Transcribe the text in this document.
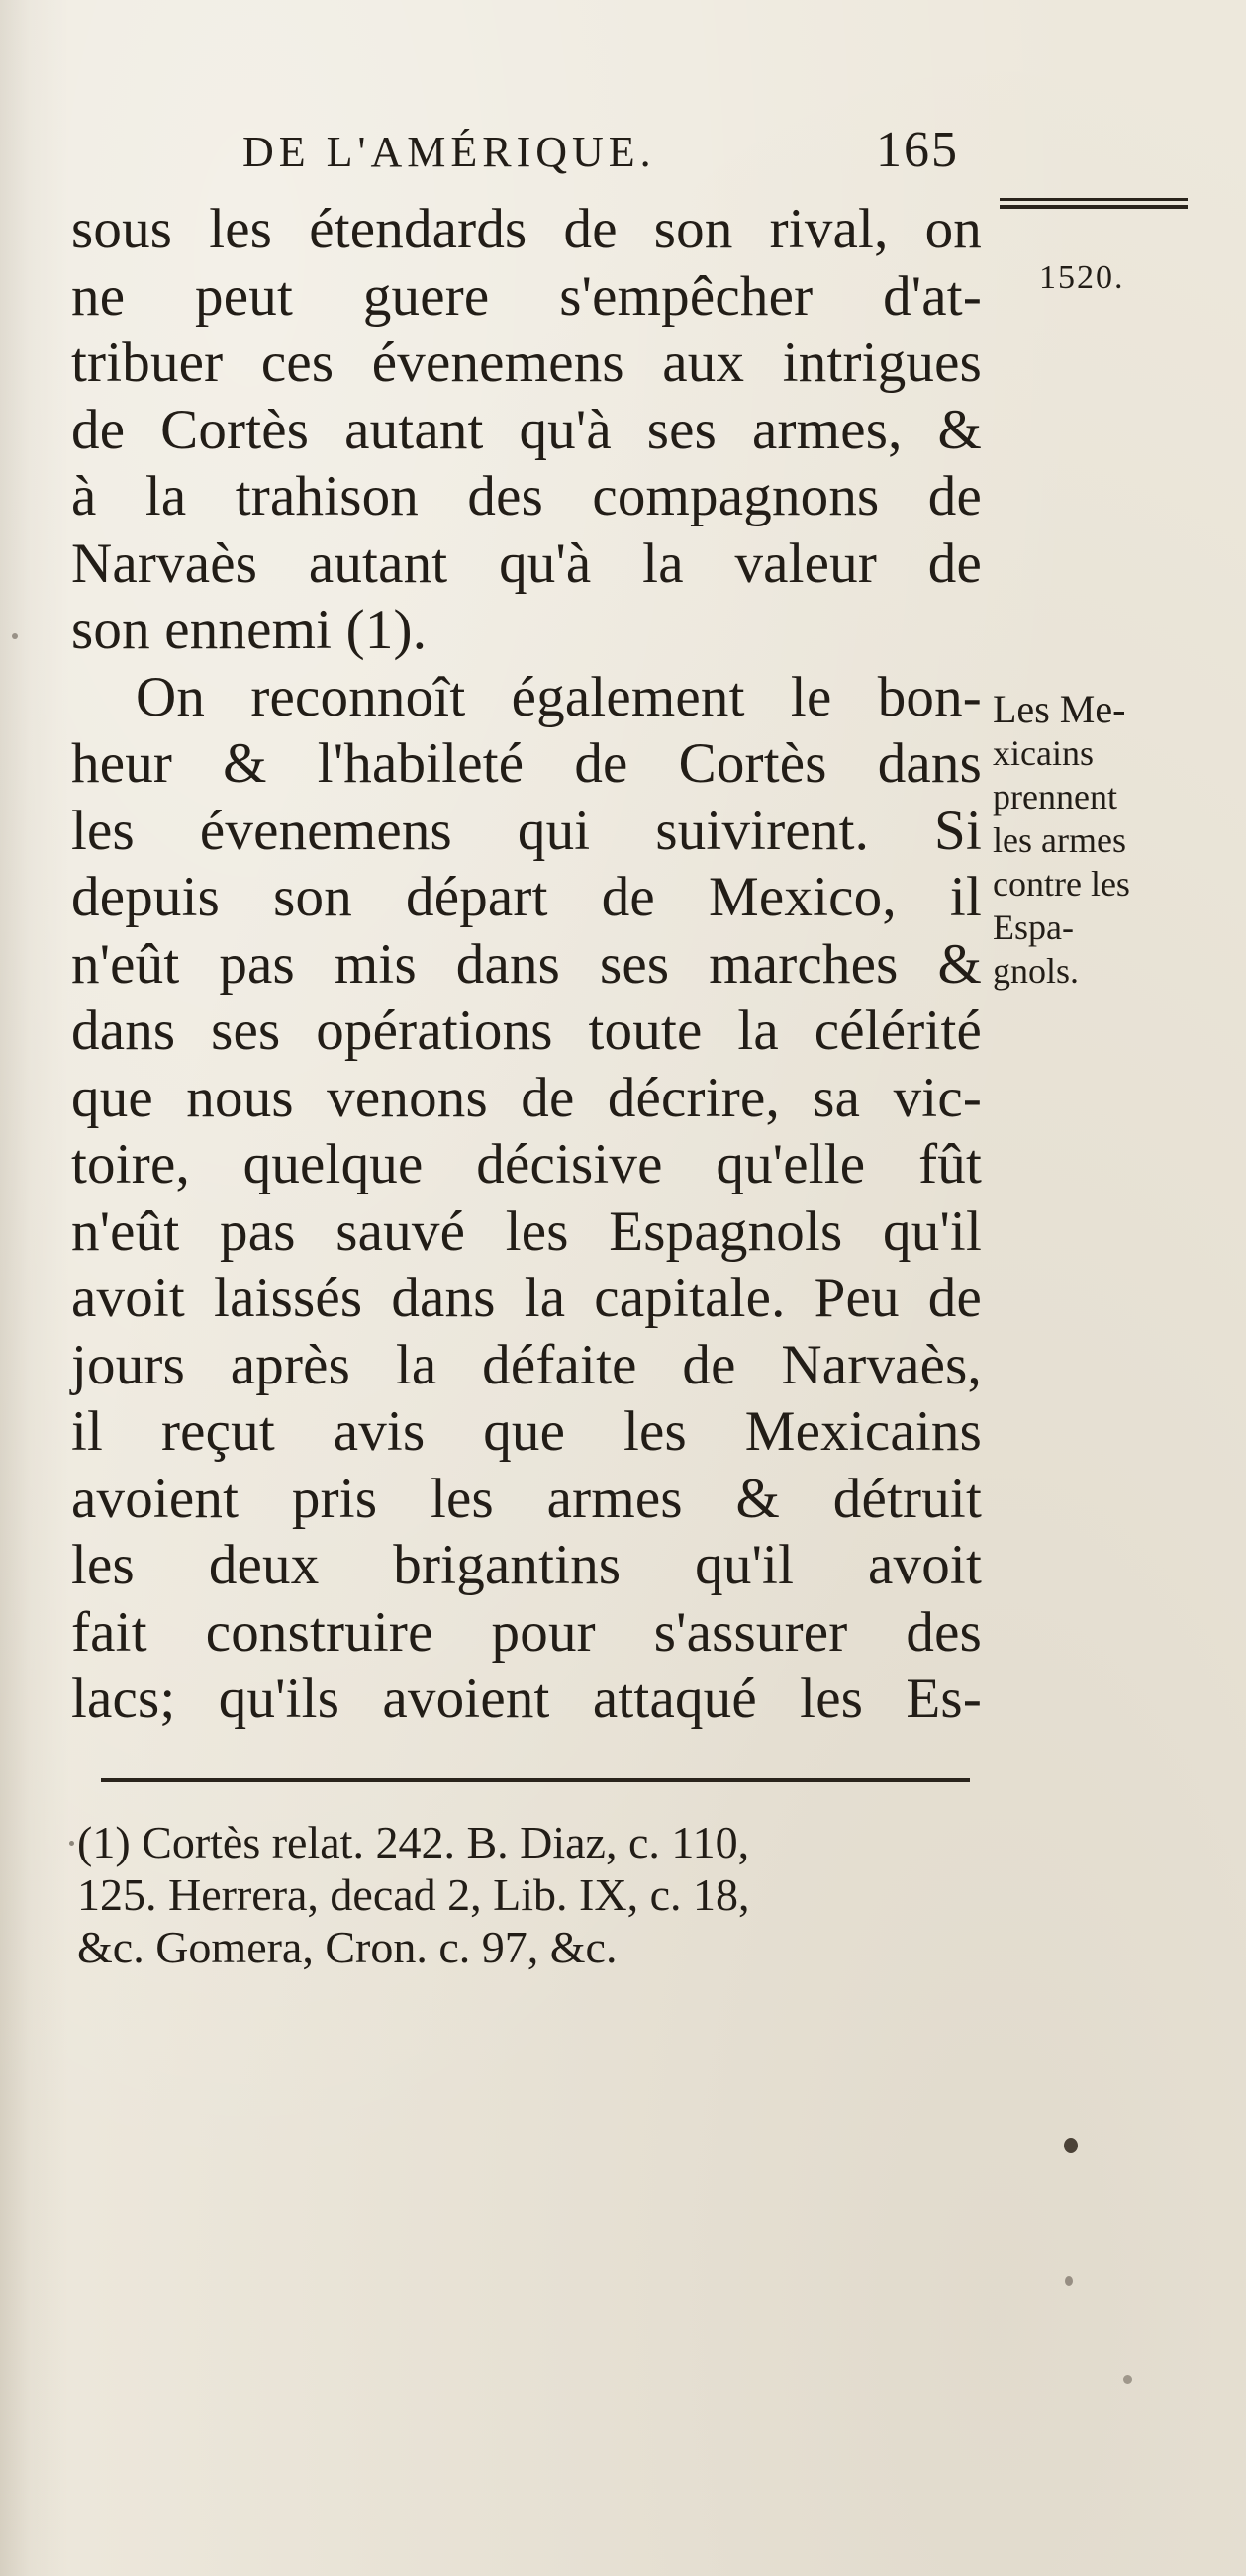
DE L'AMÉRIQUE.	165
1520.
sous les étendards de son rival, on
ne peut guere s'empêcher d'at-
tribuer ces évenemens aux intrigues
de Cortès autant qu'à ses armes, &
à la trahison des compagnons de
Narvaès autant qu'à la valeur de
son ennemi (1).
On reconnoît également le bon-
heur & l'habileté de Cortès dans
les évenemens qui suivirent. Si
depuis son départ de Mexico, il
n'eût pas mis dans ses marches &
dans ses opérations toute la célérité
que nous venons de décrire, sa vic-
toire, quelque décisive qu'elle fût
n'eût pas sauvé les Espagnols qu'il
avoit laissés dans la capitale. Peu de
jours après la défaite de Narvaès,
il reçut avis que les Mexicains
avoient pris les armes & détruit
les deux brigantins qu'il avoit
fait construire pour s'assurer des
lacs; qu'ils avoient attaqué les Es-
Les Me-
xicains
prennent
les armes
contre les
Espa-
gnols.
(1) Cortès relat. 242. B. Diaz, c. 110,
125. Herrera, decad 2, Lib. IX, c. 18,
&c. Gomera, Cron. c. 97, &c.
